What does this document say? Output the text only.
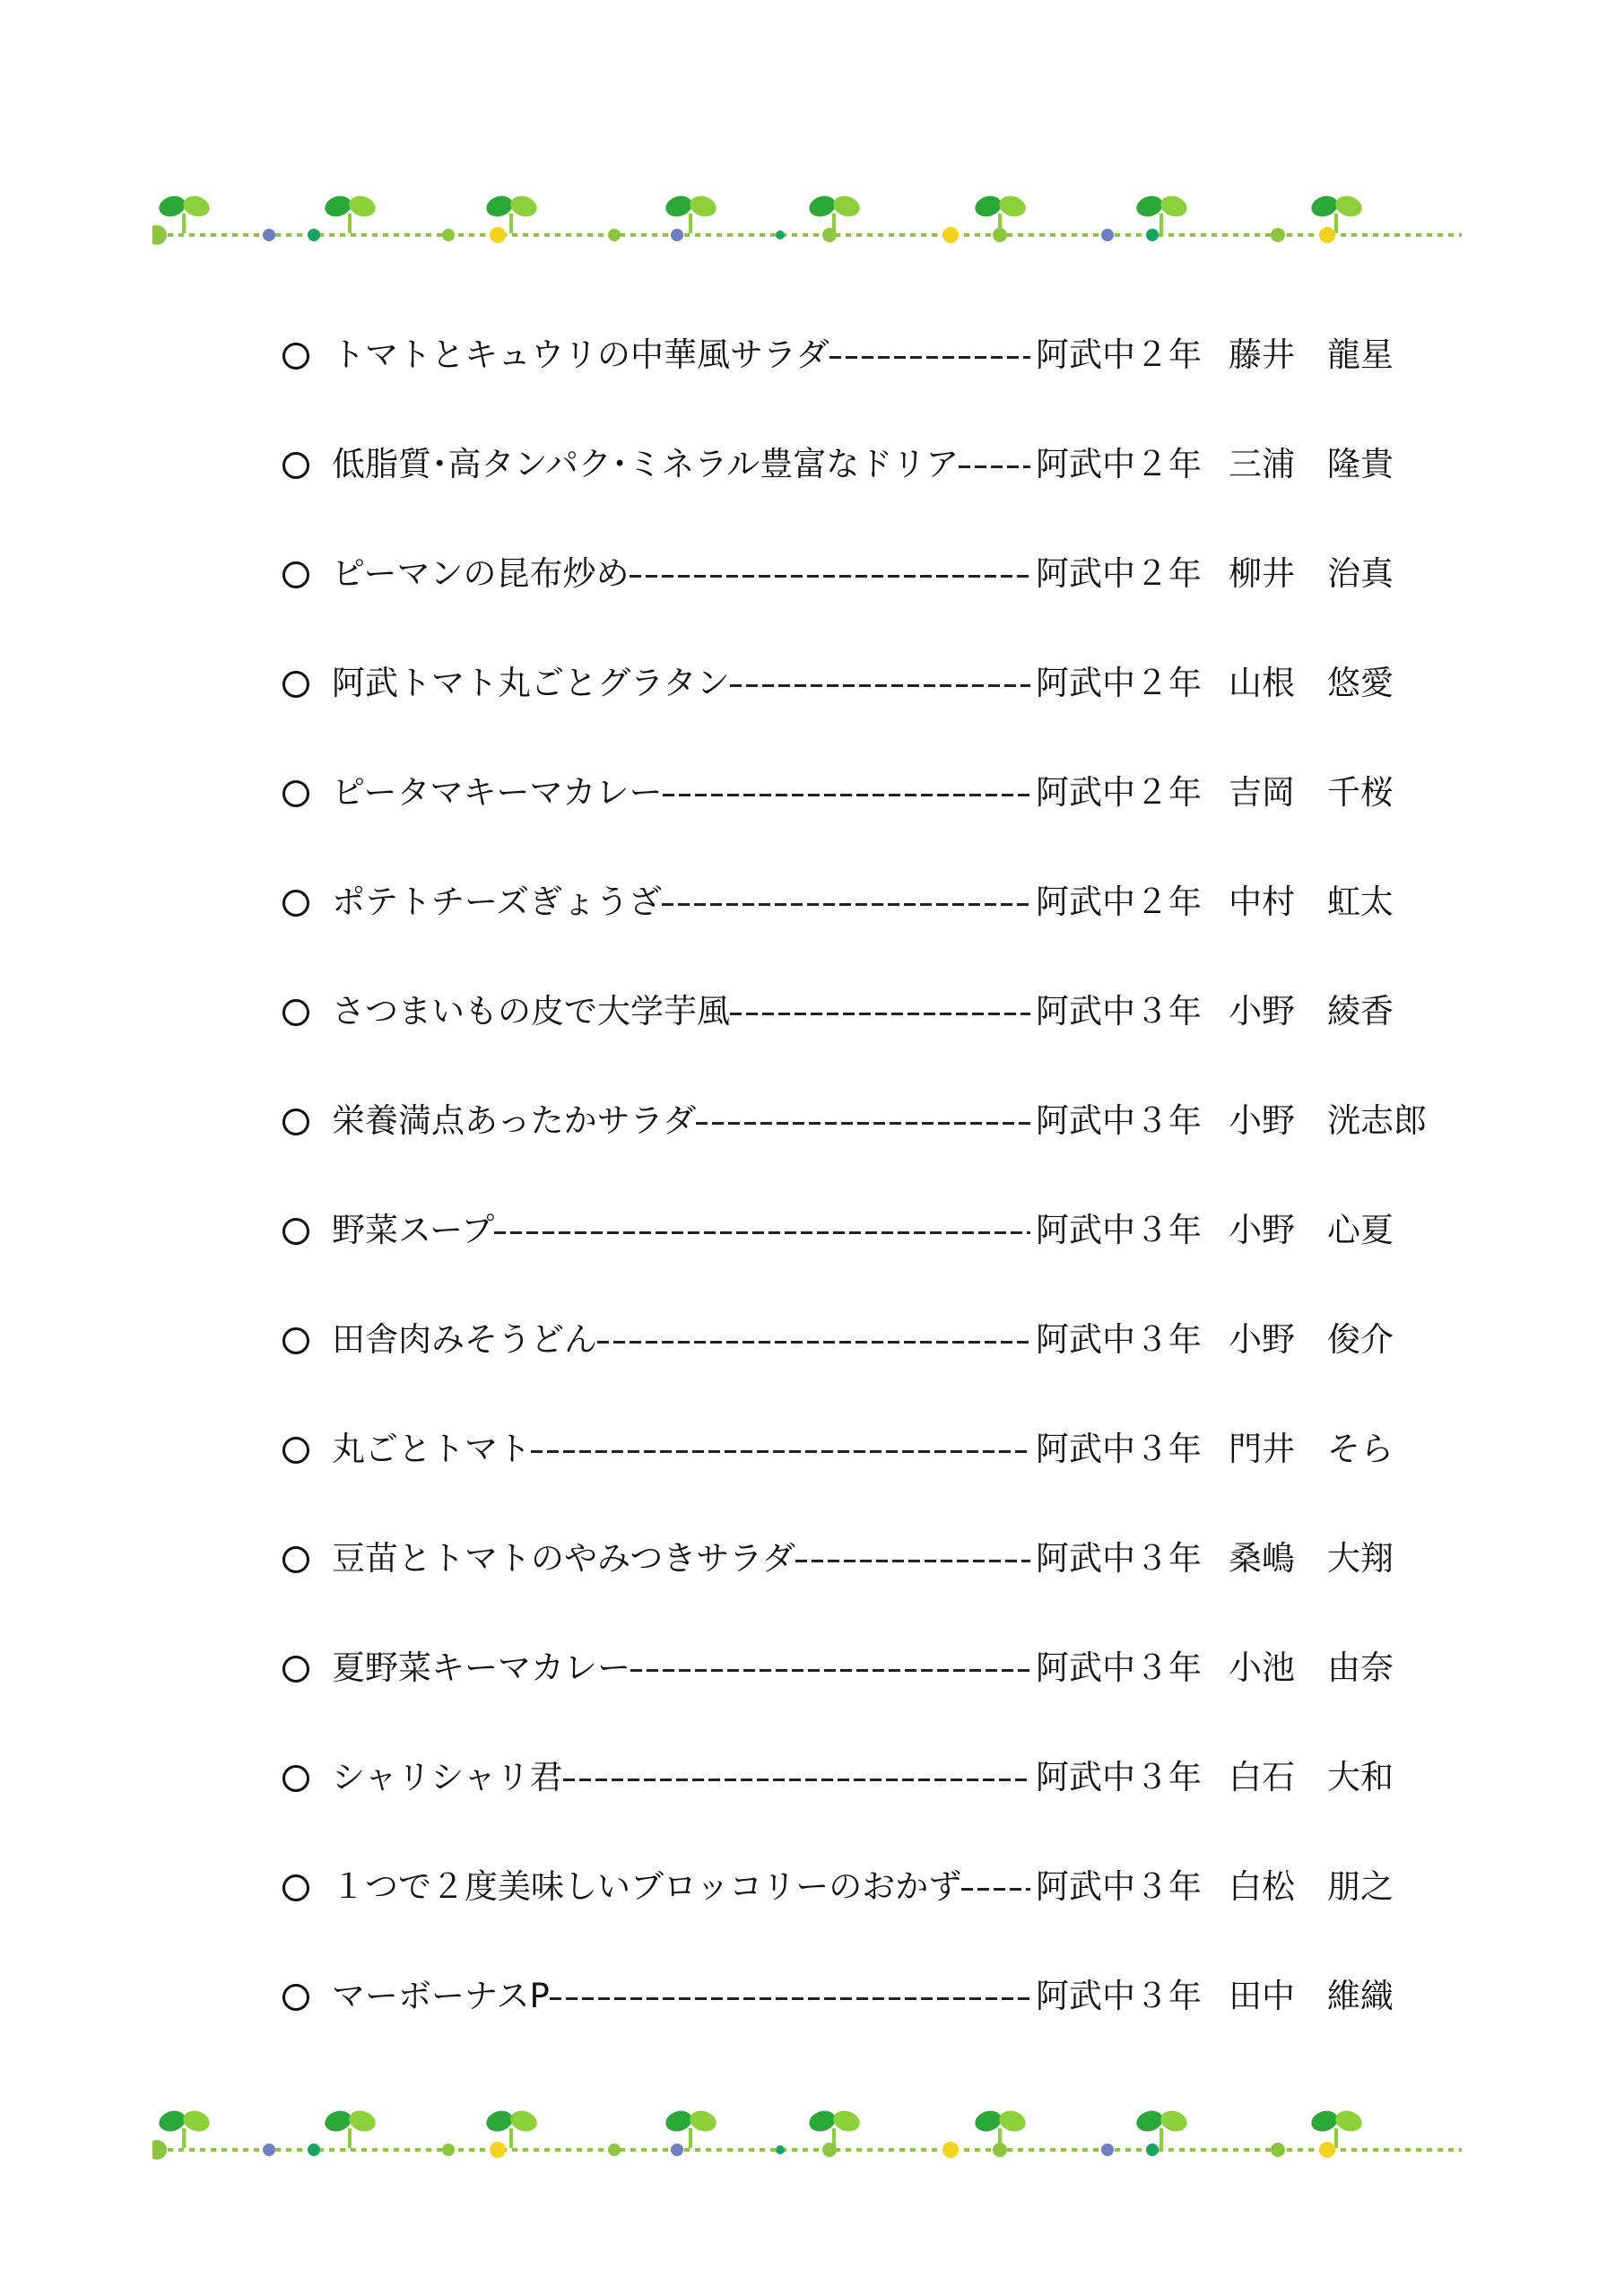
トマトとキュウリの中華風サラダ	阿武中２年 藤井 龍星
低脂質･高タンパク･ミネラル豊富なドリア 阿武中２年 三浦 隆貴
ピーマンの昆布炒め	阿武中２年 柳井 治真
阿武トマト丸ごとグラタン	阿武中２年 山根 悠愛
ピータマキーマカレー	阿武中２年 吉岡 千桜
ポテトチーズぎょうざ	阿武中２年 中村 虹太
さつまいもの皮で大学芋風	阿武中３年 小野 綾香
栄養満点あったかサラダ	阿武中３年 小野 洸志郎
野菜スープ	阿武中３年 小野 心夏
田舎肉みそうどん	阿武中３年 小野 俊介
丸ごとトマト	阿武中３年 門井 そら
豆苗とトマトのやみつきサラダ	阿武中３年 桑嶋 大翔
夏野菜キーマカレー	阿武中３年 小池 由奈
シャリシャリ君	阿武中３年 白石 大和
１つで２度美味しいブロッコリーのおかず 阿武中３年 白松 朋之
マーボーナスP	阿武中３年 田中 維織
